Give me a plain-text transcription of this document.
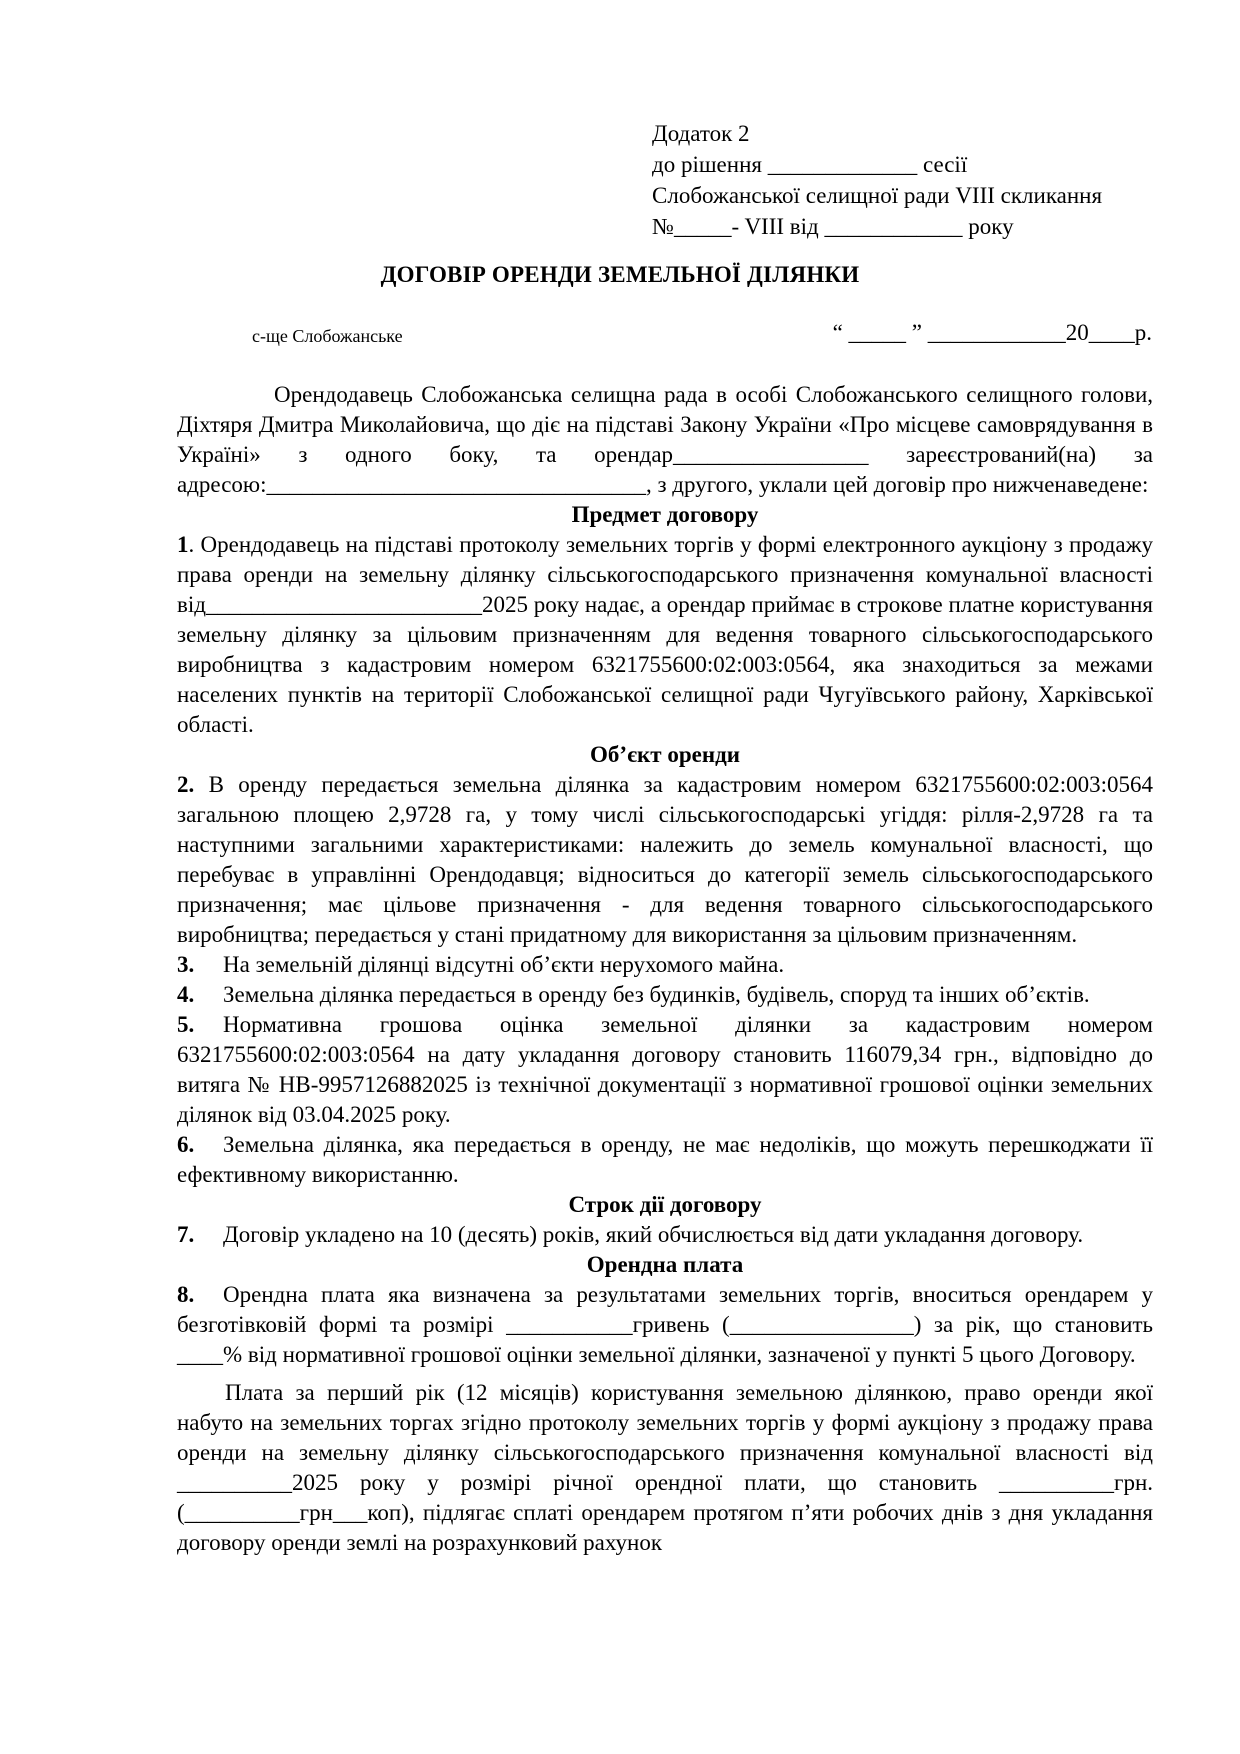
Додаток 2
до рішення _____________ сесії
Слобожанської селищної ради VIII скликання
№_____- VIII від ____________ року
ДОГОВІР ОРЕНДИ ЗЕМЕЛЬНОЇ ДІЛЯНКИ
с-ще Слобожанське	“ _____ ” ____________20____р.

Орендодавець Слобожанська селищна рада в особі Слобожанського селищного голови, Діхтяря Дмитра Миколайовича, що діє на підставі Закону України «Про місцеве самоврядування в Україні» з одного боку, та орендар_________________ зареєстрований(на) за адресою:_________________________________, з другого, уклали цей договір про нижченаведене:

Предмет договору

1. Орендодавець на підставі протоколу земельних торгів у формі електронного аукціону з продажу права оренди на земельну ділянку сільськогосподарського призначення комунальної власності від________________________2025 року надає, а орендар приймає в строкове платне користування земельну ділянку за цільовим призначенням для ведення товарного сільськогосподарського виробництва з кадастровим номером 6321755600:02:003:0564, яка знаходиться за межами населених пунктів на території Слобожанської селищної ради Чугуївського району, Харківської області.

Об’єкт оренди

2. В оренду передається земельна ділянка за кадастровим номером 6321755600:02:003:0564 загальною площею 2,9728 га, у тому числі сільськогосподарські угіддя: рілля-2,9728 га та наступними загальними характеристиками: належить до земель комунальної власності, що перебуває в управлінні Орендодавця; відноситься до категорії земель сільськогосподарського призначення; має цільове призначення - для ведення товарного сільськогосподарського виробництва; передається у стані придатному для використання за цільовим призначенням.

3. На земельній ділянці відсутні об’єкти нерухомого майна.

4. Земельна ділянка передається в оренду без будинків, будівель, споруд та інших об’єктів.

5. Нормативна грошова оцінка земельної ділянки за кадастровим номером 6321755600:02:003:0564 на дату укладання договору становить 116079,34 грн., відповідно до витяга № НВ-9957126882025 із технічної документації з нормативної грошової оцінки земельних ділянок від 03.04.2025 року.

6. Земельна ділянка, яка передається в оренду, не має недоліків, що можуть перешкоджати її ефективному використанню.

Строк дії договору

7. Договір укладено на 10 (десять) років, який обчислюється від дати укладання договору.

Орендна плата

8. Орендна плата яка визначена за результатами земельних торгів, вноситься орендарем у безготівковій формі та розмірі ___________гривень (________________) за рік, що становить ____% від нормативної грошової оцінки земельної ділянки, зазначеної у пункті 5 цього Договору.

Плата за перший рік (12 місяців) користування земельною ділянкою, право оренди якої набуто на земельних торгах згідно протоколу земельних торгів у формі аукціону з продажу права оренди на земельну ділянку сільськогосподарського призначення комунальної власності від __________2025 року у розмірі річної орендної плати, що становить __________грн.(__________грн___коп), підлягає сплаті орендарем протягом п’яти робочих днів з дня укладання договору оренди землі на розрахунковий рахунок
